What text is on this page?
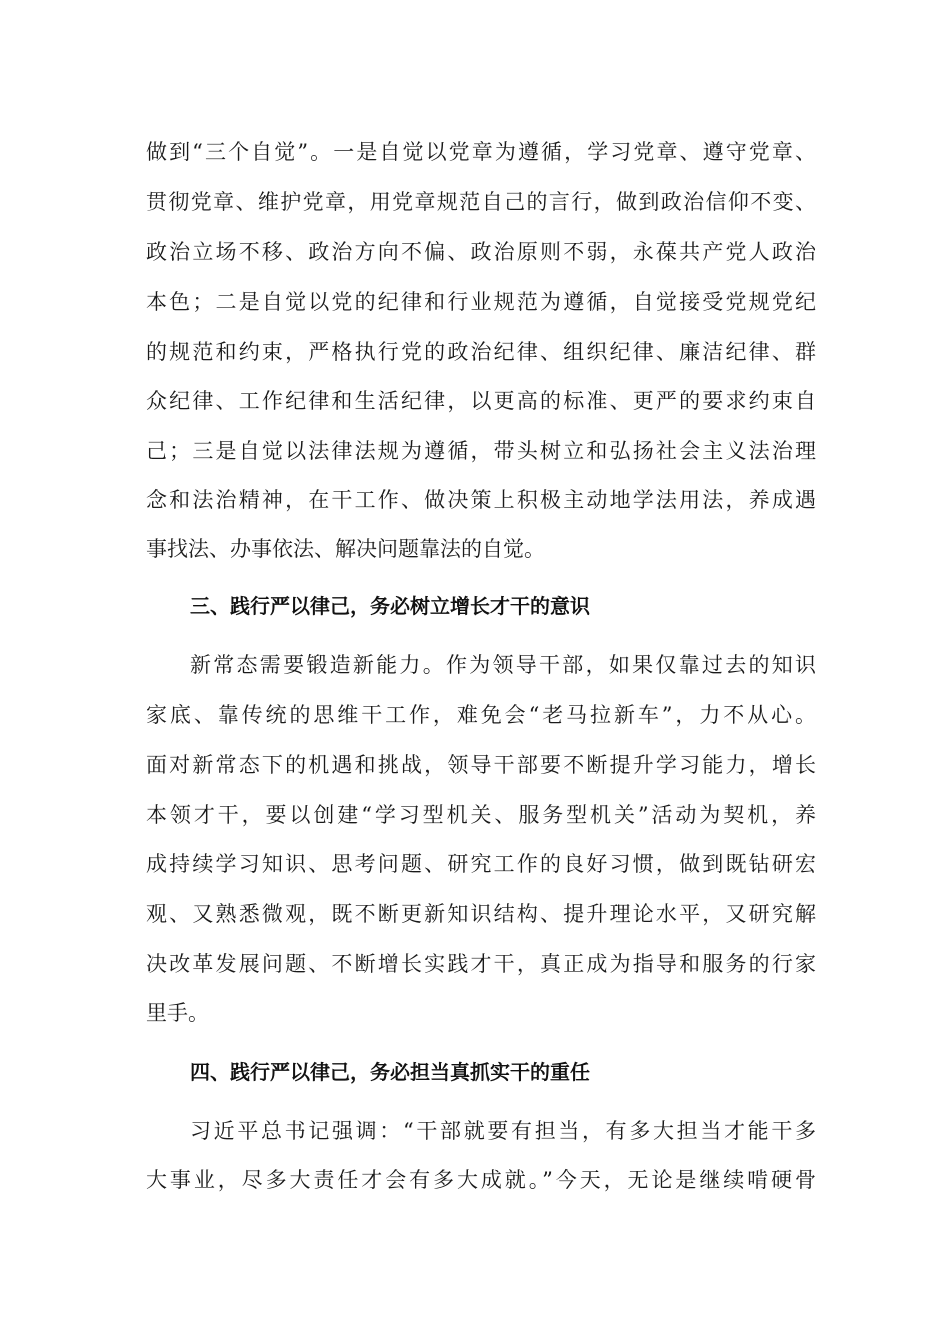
做到“三个自觉”。一是自觉以党章为遵循，学习党章、遵守党章、
贯彻党章、维护党章，用党章规范自己的言行，做到政治信仰不变、
政治立场不移、政治方向不偏、政治原则不弱，永葆共产党人政治
本色；二是自觉以党的纪律和行业规范为遵循，自觉接受党规党纪
的规范和约束，严格执行党的政治纪律、组织纪律、廉洁纪律、群
众纪律、工作纪律和生活纪律，以更高的标准、更严的要求约束自
己；三是自觉以法律法规为遵循，带头树立和弘扬社会主义法治理
念和法治精神，在干工作、做决策上积极主动地学法用法，养成遇
事找法、办事依法、解决问题靠法的自觉。
三、践行严以律己，务必树立增长才干的意识
新常态需要锻造新能力。作为领导干部，如果仅靠过去的知识
家底、靠传统的思维干工作，难免会“老马拉新车”，力不从心。
面对新常态下的机遇和挑战，领导干部要不断提升学习能力，增长
本领才干，要以创建“学习型机关、服务型机关”活动为契机，养
成持续学习知识、思考问题、研究工作的良好习惯，做到既钻研宏
观、又熟悉微观，既不断更新知识结构、提升理论水平，又研究解
决改革发展问题、不断增长实践才干，真正成为指导和服务的行家
里手。
四、践行严以律己，务必担当真抓实干的重任
习近平总书记强调：“干部就要有担当，有多大担当才能干多
大事业，尽多大责任才会有多大成就。”今天，无论是继续啃硬骨
